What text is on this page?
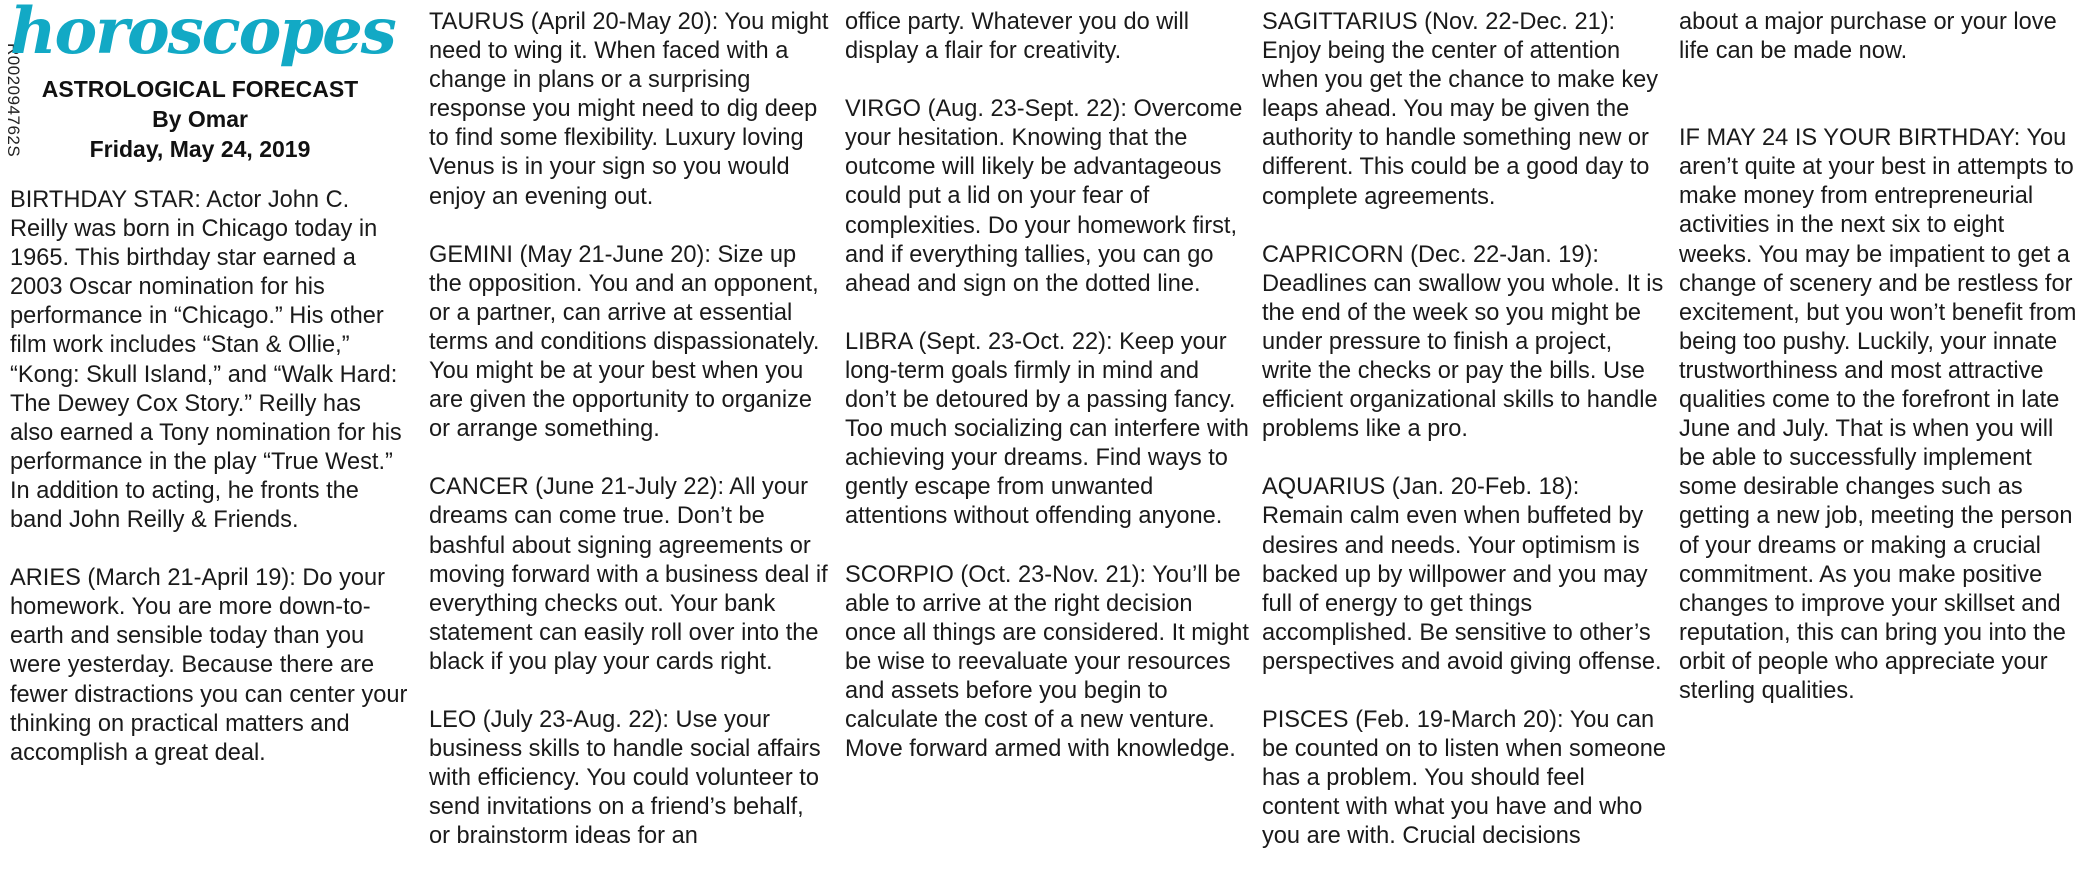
R002094762S
horoscopes
ASTROLOGICAL FORECAST
By Omar
Friday, May 24, 2019

BIRTHDAY STAR: Actor John C. Reilly was born in Chicago today in 1965. This birthday star earned a 2003 Oscar nomination for his performance in “Chicago.” His other film work includes “Stan & Ollie,” “Kong: Skull Island,” and “Walk Hard: The Dewey Cox Story.” Reilly has also earned a Tony nomination for his performance in the play “True West.” In addition to acting, he fronts the band John Reilly & Friends.

ARIES (March 21-April 19): Do your homework. You are more down-to-earth and sensible today than you were yesterday. Because there are fewer distractions you can center your thinking on practical matters and accomplish a great deal.

TAURUS (April 20-May 20): You might need to wing it. When faced with a change in plans or a surprising response you might need to dig deep to find some flexibility. Luxury loving Venus is in your sign so you would enjoy an evening out.

GEMINI (May 21-June 20): Size up the opposition. You and an opponent, or a partner, can arrive at essential terms and conditions dispassionately. You might be at your best when you are given the opportunity to organize or arrange something.

CANCER (June 21-July 22): All your dreams can come true. Don’t be bashful about signing agreements or moving forward with a business deal if everything checks out. Your bank statement can easily roll over into the black if you play your cards right.

LEO (July 23-Aug. 22): Use your business skills to handle social affairs with efficiency. You could volunteer to send invitations on a friend’s behalf, or brainstorm ideas for an

office party. Whatever you do will display a flair for creativity.

VIRGO (Aug. 23-Sept. 22): Overcome your hesitation. Knowing that the outcome will likely be advantageous could put a lid on your fear of complexities. Do your homework first, and if everything tallies, you can go ahead and sign on the dotted line.

LIBRA (Sept. 23-Oct. 22): Keep your long-term goals firmly in mind and don’t be detoured by a passing fancy. Too much socializing can interfere with achieving your dreams. Find ways to gently escape from unwanted attentions without offending anyone.

SCORPIO (Oct. 23-Nov. 21): You’ll be able to arrive at the right decision once all things are considered. It might be wise to reevaluate your resources and assets before you begin to calculate the cost of a new venture. Move forward armed with knowledge.

SAGITTARIUS (Nov. 22-Dec. 21): Enjoy being the center of attention when you get the chance to make key leaps ahead. You may be given the authority to handle something new or different. This could be a good day to complete agreements.

CAPRICORN (Dec. 22-Jan. 19): Deadlines can swallow you whole. It is the end of the week so you might be under pressure to finish a project, write the checks or pay the bills. Use efficient organizational skills to handle problems like a pro.

AQUARIUS (Jan. 20-Feb. 18): Remain calm even when buffeted by desires and needs. Your optimism is backed up by willpower and you may full of energy to get things accomplished. Be sensitive to other’s perspectives and avoid giving offense.

PISCES (Feb. 19-March 20): You can be counted on to listen when someone has a problem. You should feel content with what you have and who you are with. Crucial decisions

about a major purchase or your love life can be made now.

IF MAY 24 IS YOUR BIRTHDAY: You aren’t quite at your best in attempts to make money from entrepreneurial activities in the next six to eight weeks. You may be impatient to get a change of scenery and be restless for excitement, but you won’t benefit from being too pushy. Luckily, your innate trustworthiness and most attractive qualities come to the forefront in late June and July. That is when you will be able to successfully implement some desirable changes such as getting a new job, meeting the person of your dreams or making a crucial commitment. As you make positive changes to improve your skillset and reputation, this can bring you into the orbit of people who appreciate your sterling qualities.
